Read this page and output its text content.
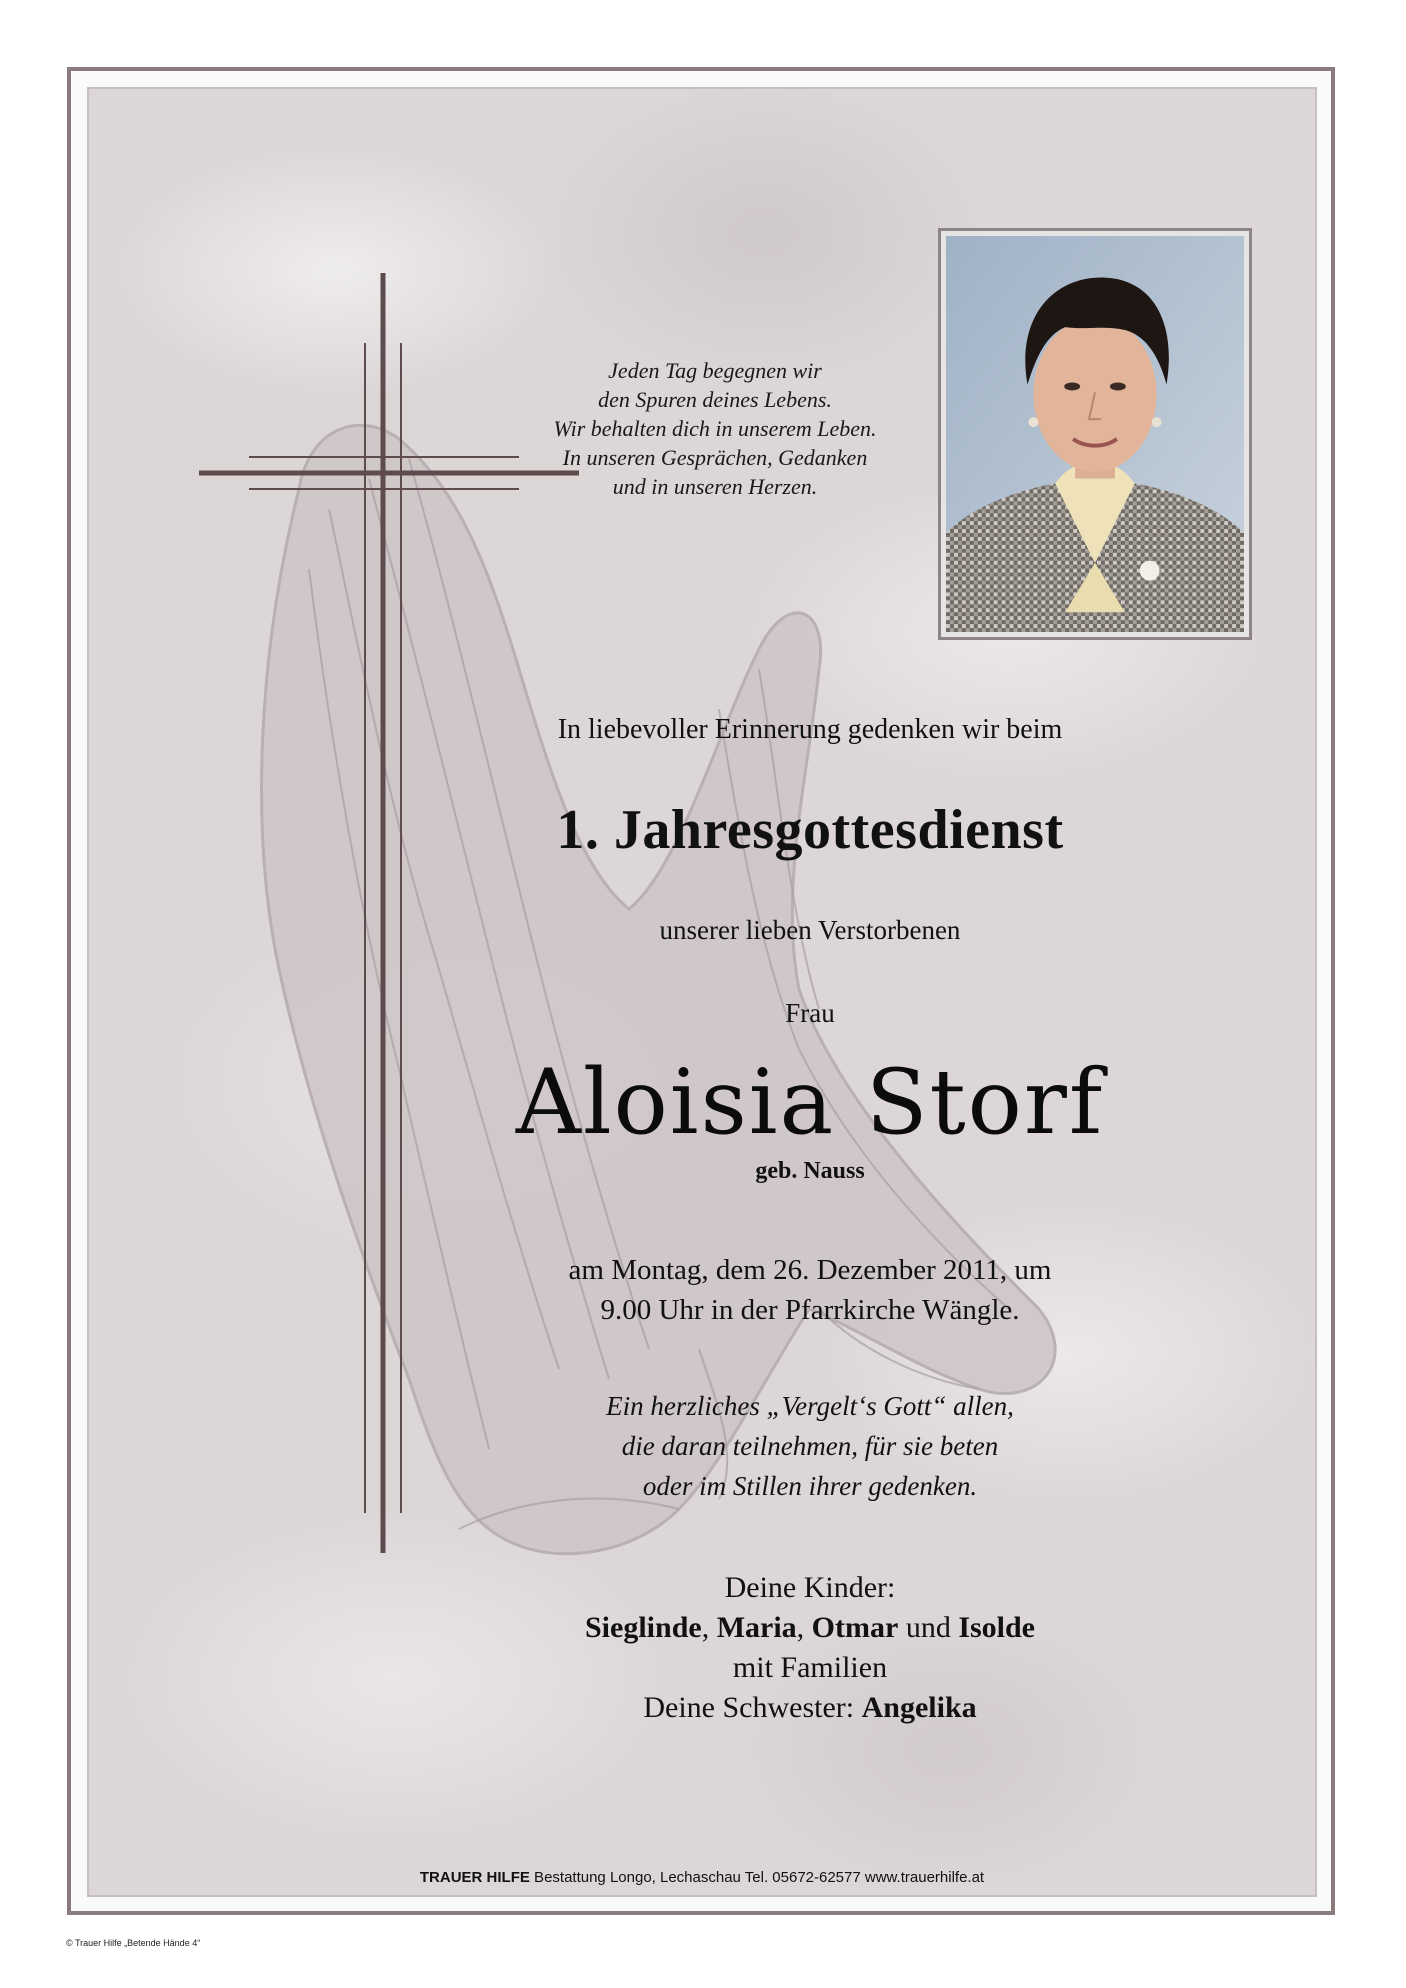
Jeden Tag begegnen wir
den Spuren deines Lebens.
Wir behalten dich in unserem Leben.
In unseren Gesprächen, Gedanken
und in unseren Herzen.
In liebevoller Erinnerung gedenken wir beim
1. Jahresgottesdienst
unserer lieben Verstorbenen
Frau
Aloisia Storf
geb. Nauss
am Montag, dem 26. Dezember 2011, um
9.00 Uhr in der Pfarrkirche Wängle.
Ein herzliches „Vergelt‘s Gott“ allen,
die daran teilnehmen, für sie beten
oder im Stillen ihrer gedenken.
Deine Kinder:
Sieglinde, Maria, Otmar und Isolde
mit Familien
Deine Schwester: Angelika
TRAUER HILFE Bestattung Longo, Lechaschau Tel. 05672-62577 www.trauerhilfe.at
© Trauer Hilfe „Betende Hände 4“
